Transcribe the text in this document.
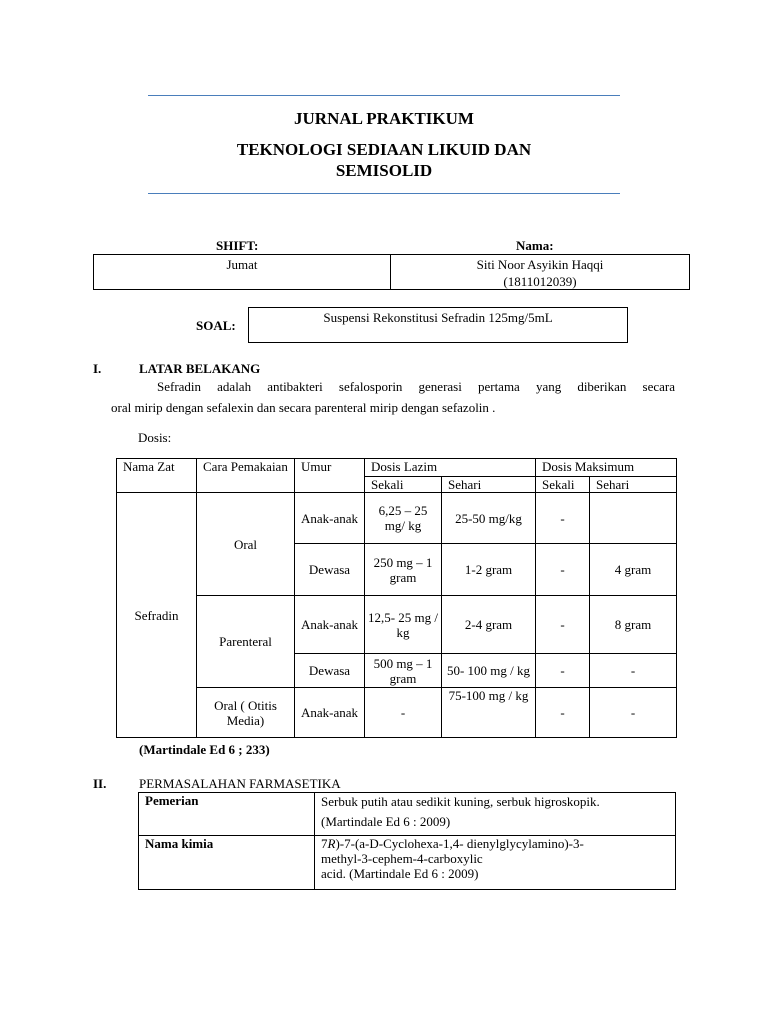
JURNAL PRAKTIKUM
TEKNOLOGI SEDIAAN LIKUID DAN
SEMISOLID
SHIFT:	Nama:
Jumat	Siti Noor Asyikin Haqqi
(1811012039)
SOAL:
Suspensi Rekonstitusi Sefradin 125mg/5mL
I.	LATAR BELAKANG
Sefradin adalah antibakteri sefalosporin generasi pertama yang diberikan secara
oral mirip dengan sefalexin dan secara parenteral mirip dengan sefazolin .
Dosis:
Nama Zat	Cara Pemakaian	Umur	Dosis Lazim		Dosis Maksimum	
			Sekali	Sehari	Sekali	Sehari
Sefradin	Oral	Anak-anak	6,25 – 25 mg/ kg	25-50 mg/kg	-	
		Dewasa	250 mg – 1 gram	1-2 gram	-	4 gram
	Parenteral	Anak-anak	12,5- 25 mg / kg	2-4 gram	-	8 gram
		Dewasa	500 mg – 1 gram	50- 100 mg / kg	-	-
	Oral ( Otitis Media)	Anak-anak	-	75-100 mg / kg	-	-
(Martindale Ed 6 ; 233)
II.	PERMASALAHAN FARMASETIKA
Pemerian	Serbuk putih atau sedikit kuning, serbuk higroskopik.
(Martindale Ed 6 : 2009)

Nama kimia	7R)-7-(a-D-Cyclohexa-1,4- dienylglycylamino)-3-
methyl-3-cephem-4-carboxylic
acid. (Martindale Ed 6 : 2009)
